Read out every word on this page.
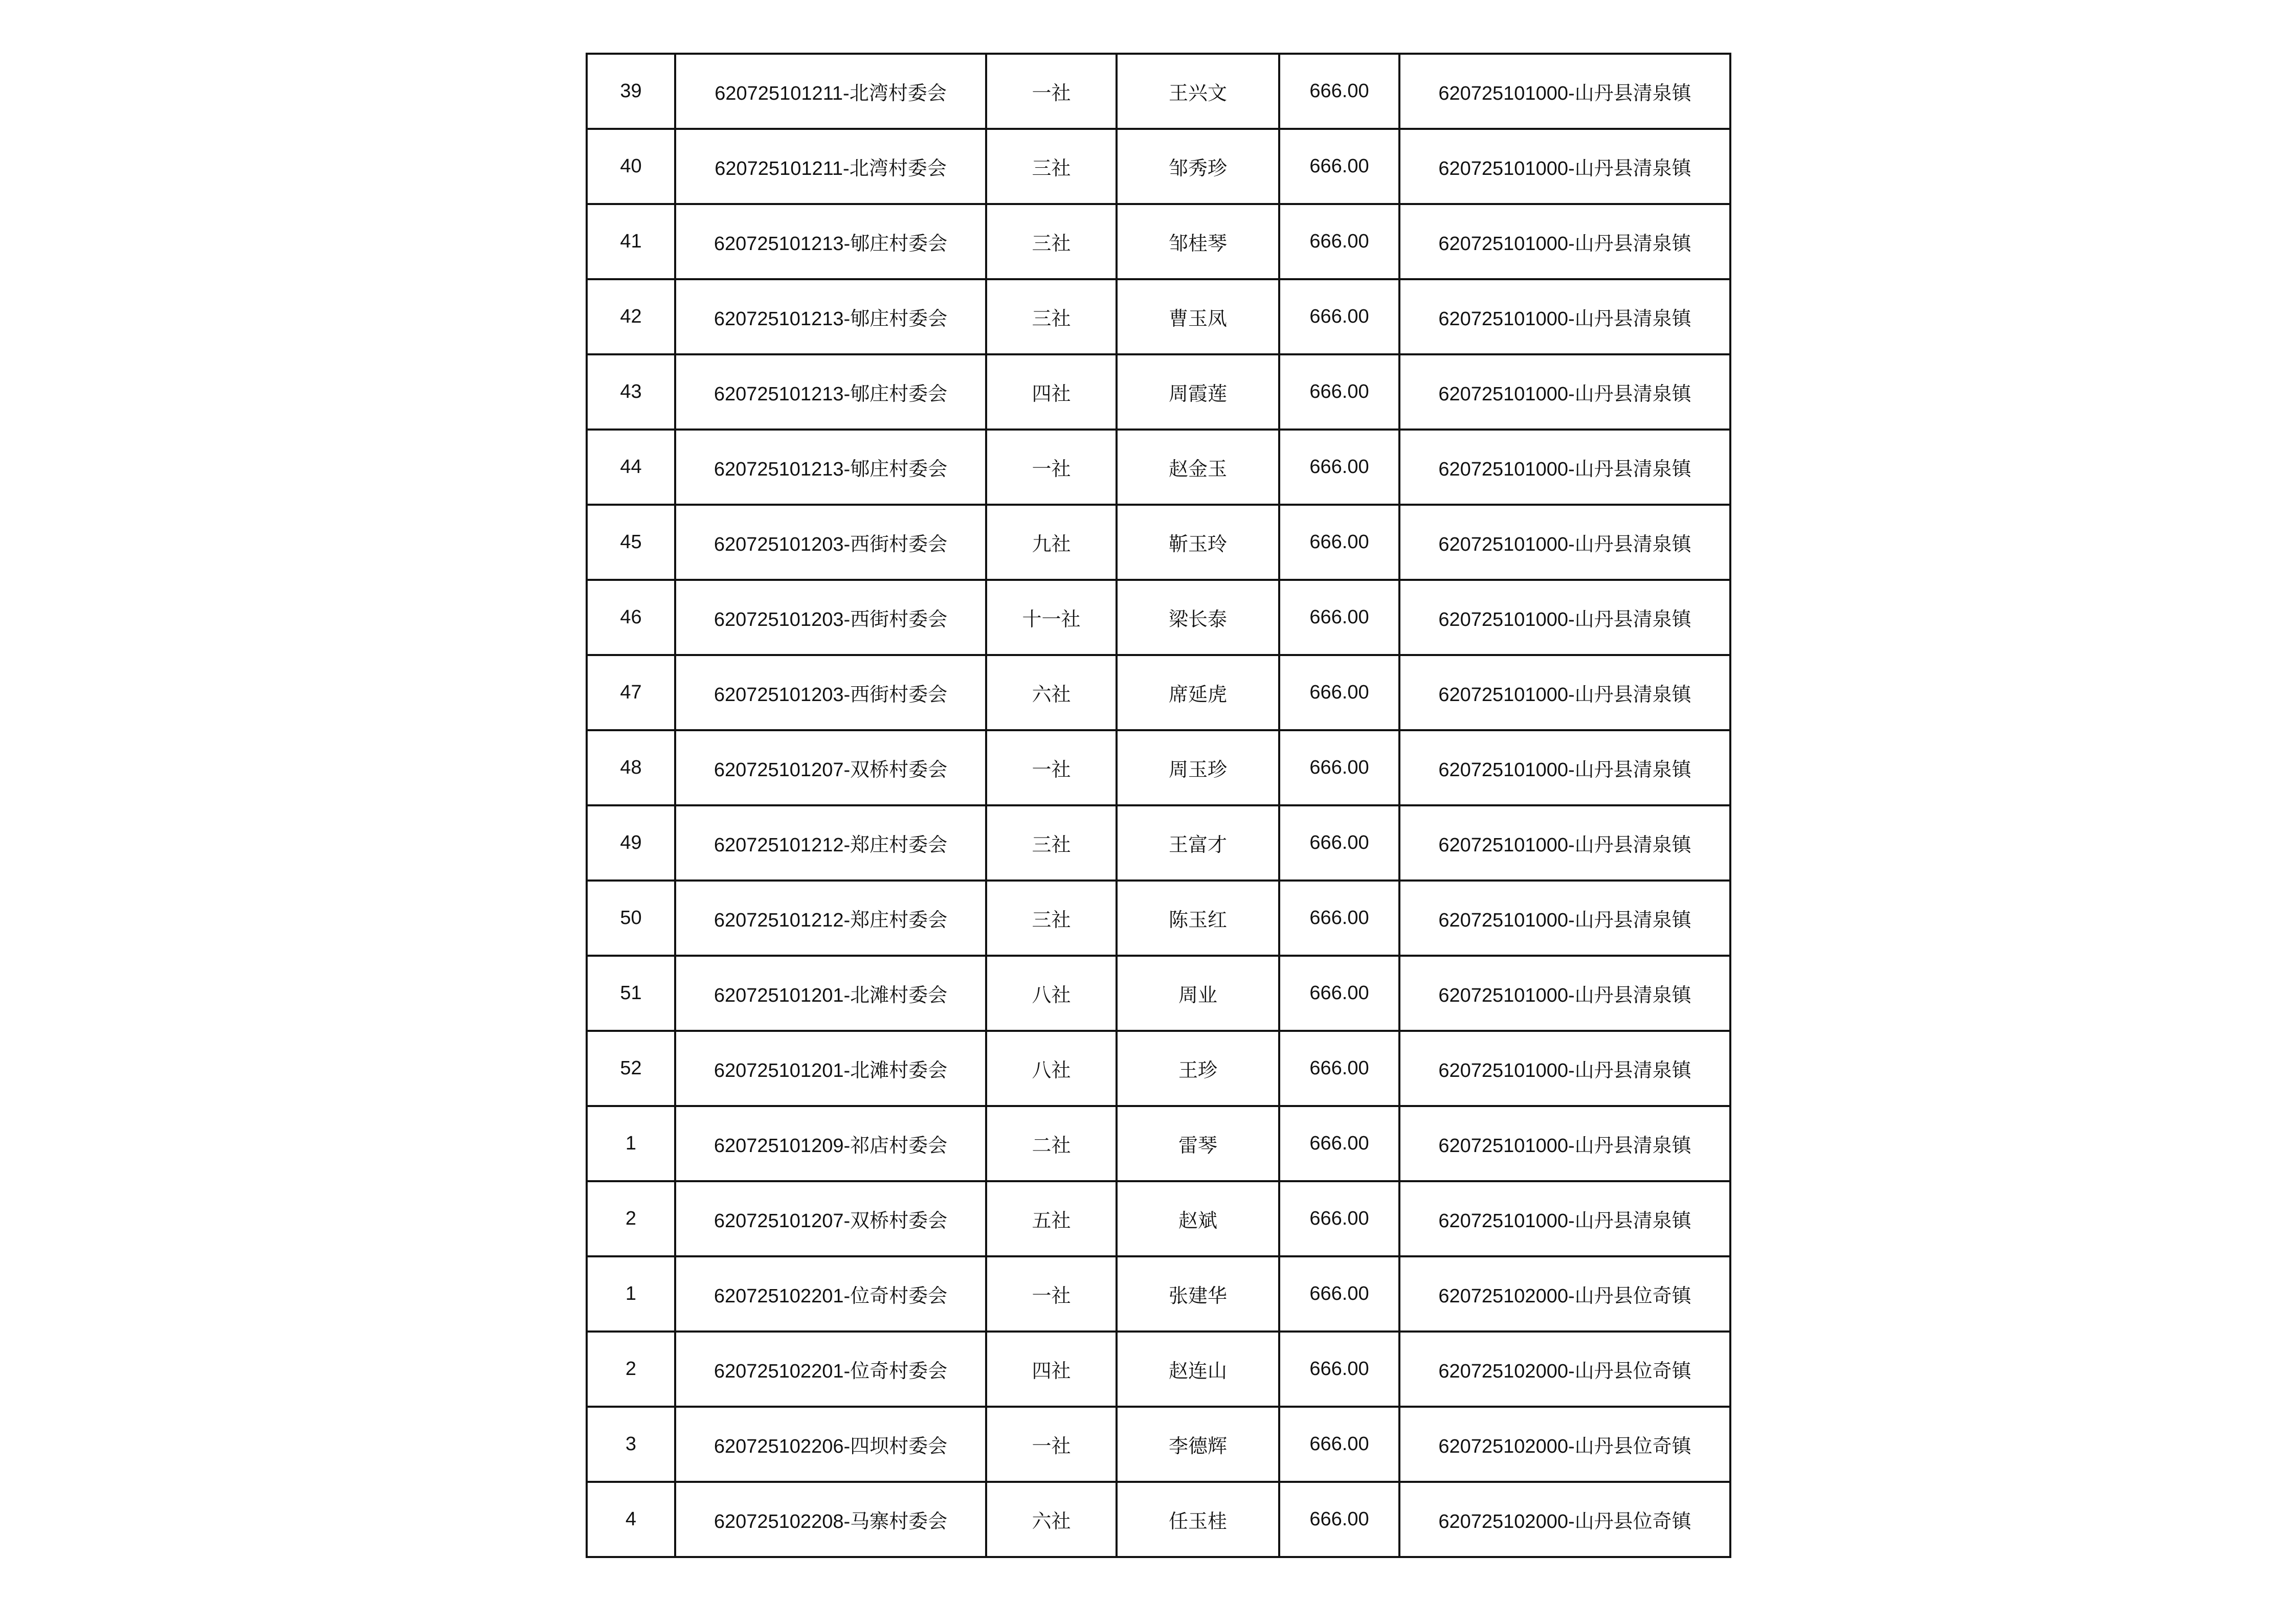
39	620725101211-北湾村委会	一社	王兴文	666.00	620725101000-山丹县清泉镇
40	620725101211-北湾村委会	三社	邹秀珍	666.00	620725101000-山丹县清泉镇
41	620725101213-郇庄村委会	三社	邹桂琴	666.00	620725101000-山丹县清泉镇
42	620725101213-郇庄村委会	三社	曹玉凤	666.00	620725101000-山丹县清泉镇
43	620725101213-郇庄村委会	四社	周霞莲	666.00	620725101000-山丹县清泉镇
44	620725101213-郇庄村委会	一社	赵金玉	666.00	620725101000-山丹县清泉镇
45	620725101203-西街村委会	九社	靳玉玲	666.00	620725101000-山丹县清泉镇
46	620725101203-西街村委会	十一社	梁长泰	666.00	620725101000-山丹县清泉镇
47	620725101203-西街村委会	六社	席延虎	666.00	620725101000-山丹县清泉镇
48	620725101207-双桥村委会	一社	周玉珍	666.00	620725101000-山丹县清泉镇
49	620725101212-郑庄村委会	三社	王富才	666.00	620725101000-山丹县清泉镇
50	620725101212-郑庄村委会	三社	陈玉红	666.00	620725101000-山丹县清泉镇
51	620725101201-北滩村委会	八社	周业	666.00	620725101000-山丹县清泉镇
52	620725101201-北滩村委会	八社	王珍	666.00	620725101000-山丹县清泉镇
1	620725101209-祁店村委会	二社	雷琴	666.00	620725101000-山丹县清泉镇
2	620725101207-双桥村委会	五社	赵斌	666.00	620725101000-山丹县清泉镇
1	620725102201-位奇村委会	一社	张建华	666.00	620725102000-山丹县位奇镇
2	620725102201-位奇村委会	四社	赵连山	666.00	620725102000-山丹县位奇镇
3	620725102206-四坝村委会	一社	李德辉	666.00	620725102000-山丹县位奇镇
4	620725102208-马寨村委会	六社	任玉桂	666.00	620725102000-山丹县位奇镇
